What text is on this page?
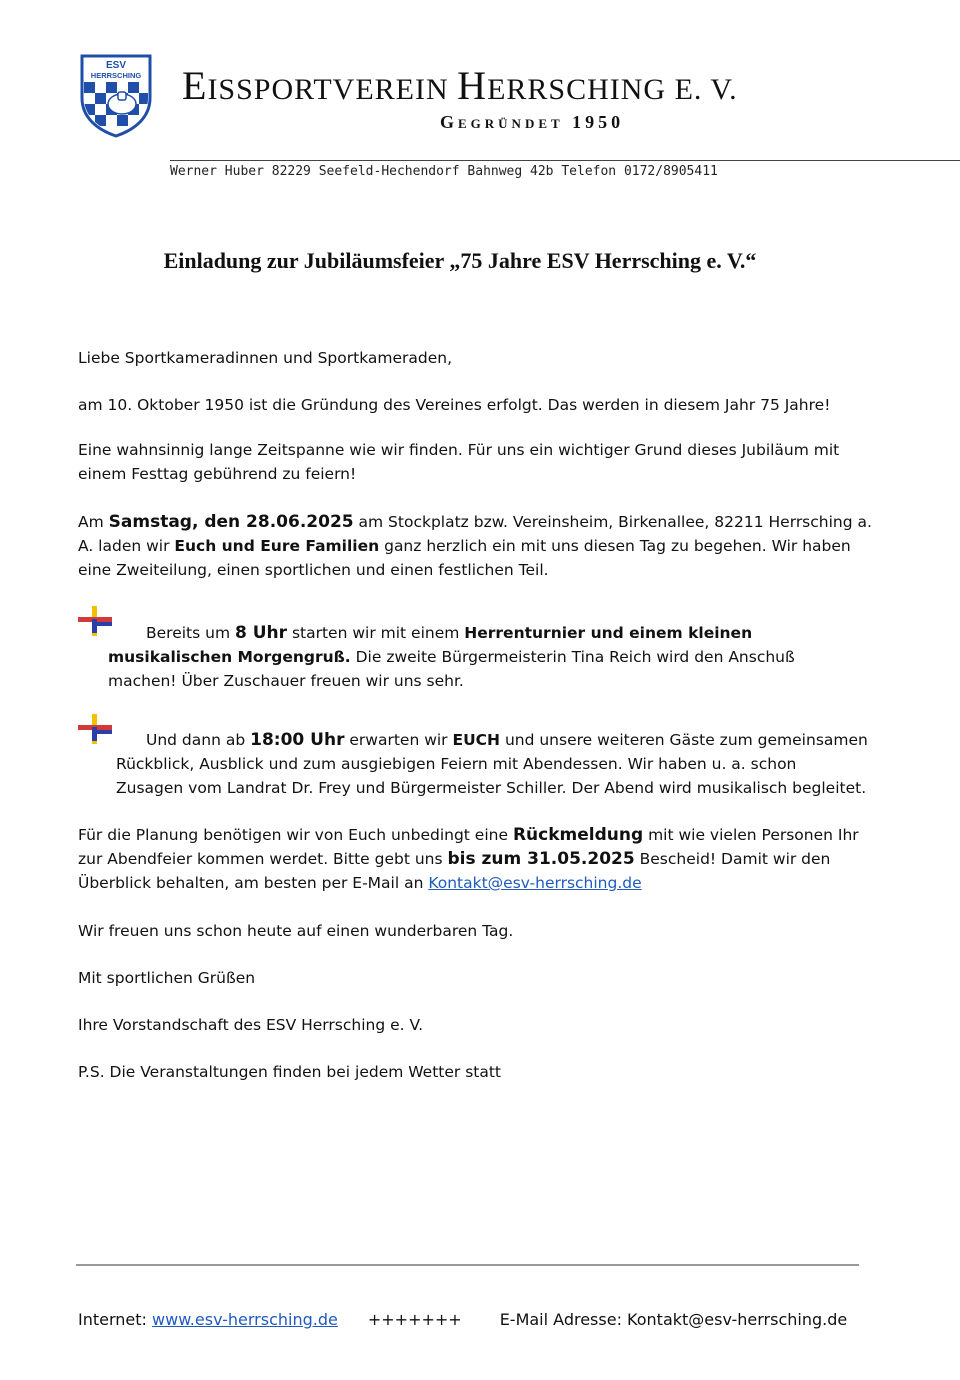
ESV
HERRSCHING EISSPORTVEREIN HERRSCHING E. V.
Gegründet 1950
Werner Huber 82229 Seefeld-Hechendorf Bahnweg 42b Telefon 0172/8905411
Einladung zur Jubiläumsfeier „75 Jahre ESV Herrsching e. V.“
Liebe Sportkameradinnen und Sportkameraden,
am 10. Oktober 1950 ist die Gründung des Vereines erfolgt. Das werden in diesem Jahr 75 Jahre!
Eine wahnsinnig lange Zeitspanne wie wir finden. Für uns ein wichtiger Grund dieses Jubiläum mit einem Festtag gebührend zu feiern!
Am Samstag, den 28.06.2025 am Stockplatz bzw. Vereinsheim, Birkenallee, 82211 Herrsching a. A. laden wir Euch und Eure Familien ganz herzlich ein mit uns diesen Tag zu begehen. Wir haben eine Zweiteilung, einen sportlichen und einen festlichen Teil.
Bereits um 8 Uhr starten wir mit einem Herrenturnier und einem kleinen musikalischen Morgengruß. Die zweite Bürgermeisterin Tina Reich wird den Anschuß machen! Über Zuschauer freuen wir uns sehr.
Und dann ab 18:00 Uhr erwarten wir EUCH und unsere weiteren Gäste zum gemeinsamen Rückblick, Ausblick und zum ausgiebigen Feiern mit Abendessen. Wir haben u. a. schon Zusagen vom Landrat Dr. Frey und Bürgermeister Schiller. Der Abend wird musikalisch begleitet.
Für die Planung benötigen wir von Euch unbedingt eine Rückmeldung mit wie vielen Personen Ihr zur Abendfeier kommen werdet. Bitte gebt uns bis zum 31.05.2025 Bescheid! Damit wir den Überblick behalten, am besten per E-Mail an Kontakt@esv-herrsching.de
Wir freuen uns schon heute auf einen wunderbaren Tag.
Mit sportlichen Grüßen
Ihre Vorstandschaft des ESV Herrsching e. V.
P.S. Die Veranstaltungen finden bei jedem Wetter statt
Internet: www.esv-herrsching.de +++++++ E-Mail Adresse: Kontakt@esv-herrsching.de
